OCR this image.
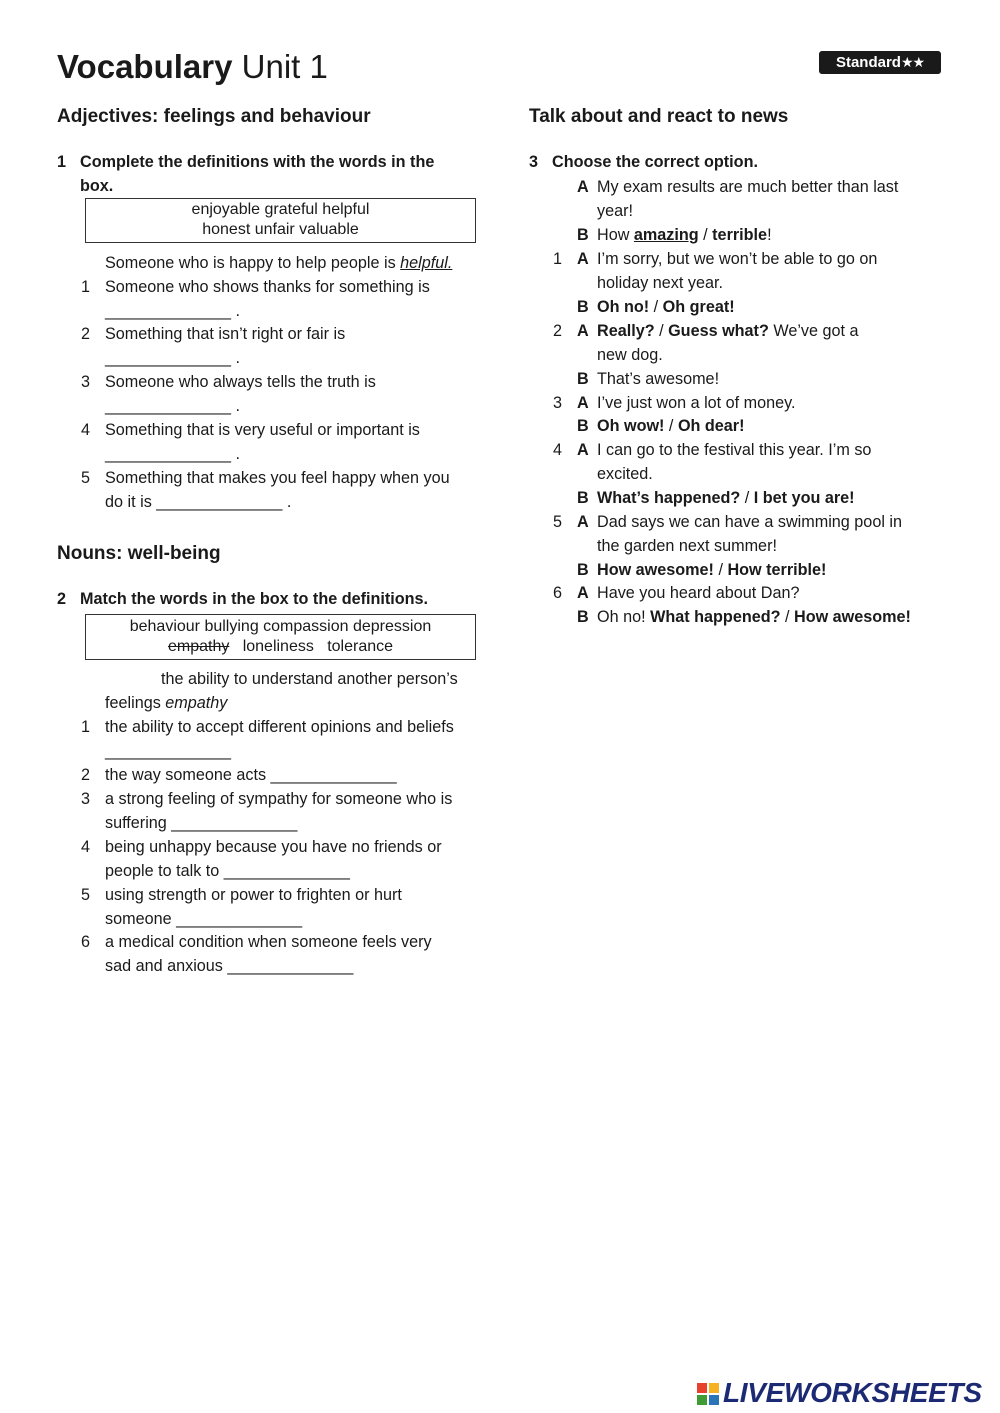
Vocabulary Unit 1	Standard★★
Adjectives: feelings and behaviour
1 Complete the definitions with the words in the box.
enjoyable grateful helpful
honest unfair valuable
Someone who is happy to help people is helpful.
1 Someone who shows thanks for something is
______________ .
2 Something that isn’t right or fair is
______________ .
3 Someone who always tells the truth is
______________ .
4 Something that is very useful or important is
______________ .
5 Something that makes you feel happy when you
do it is ______________ .
Nouns: well-being
2 Match the words in the box to the definitions.
behaviour bullying compassion depression
empathy   loneliness   tolerance
the ability to understand another person’s
feelings empathy
1 the ability to accept different opinions and beliefs
______________
2 the way someone acts ______________
3 a strong feeling of sympathy for someone who is
suffering ______________
4 being unhappy because you have no friends or
people to talk to ______________
5 using strength or power to frighten or hurt
someone ______________
6 a medical condition when someone feels very
sad and anxious ______________
Talk about and react to news
3 Choose the correct option.
A My exam results are much better than last
year!
B How amazing / terrible!
1 A I’m sorry, but we won’t be able to go on
holiday next year.
B Oh no! / Oh great!
2 A Really? / Guess what? We’ve got a
new dog.
B That’s awesome!
3 A I’ve just won a lot of money.
B Oh wow! / Oh dear!
4 A I can go to the festival this year. I’m so
excited.
B What’s happened? / I bet you are!
5 A Dad says we can have a swimming pool in
the garden next summer!
B How awesome! / How terrible!
6 A Have you heard about Dan?
B Oh no! What happened? / How awesome!
LIVEWORKSHEETS
